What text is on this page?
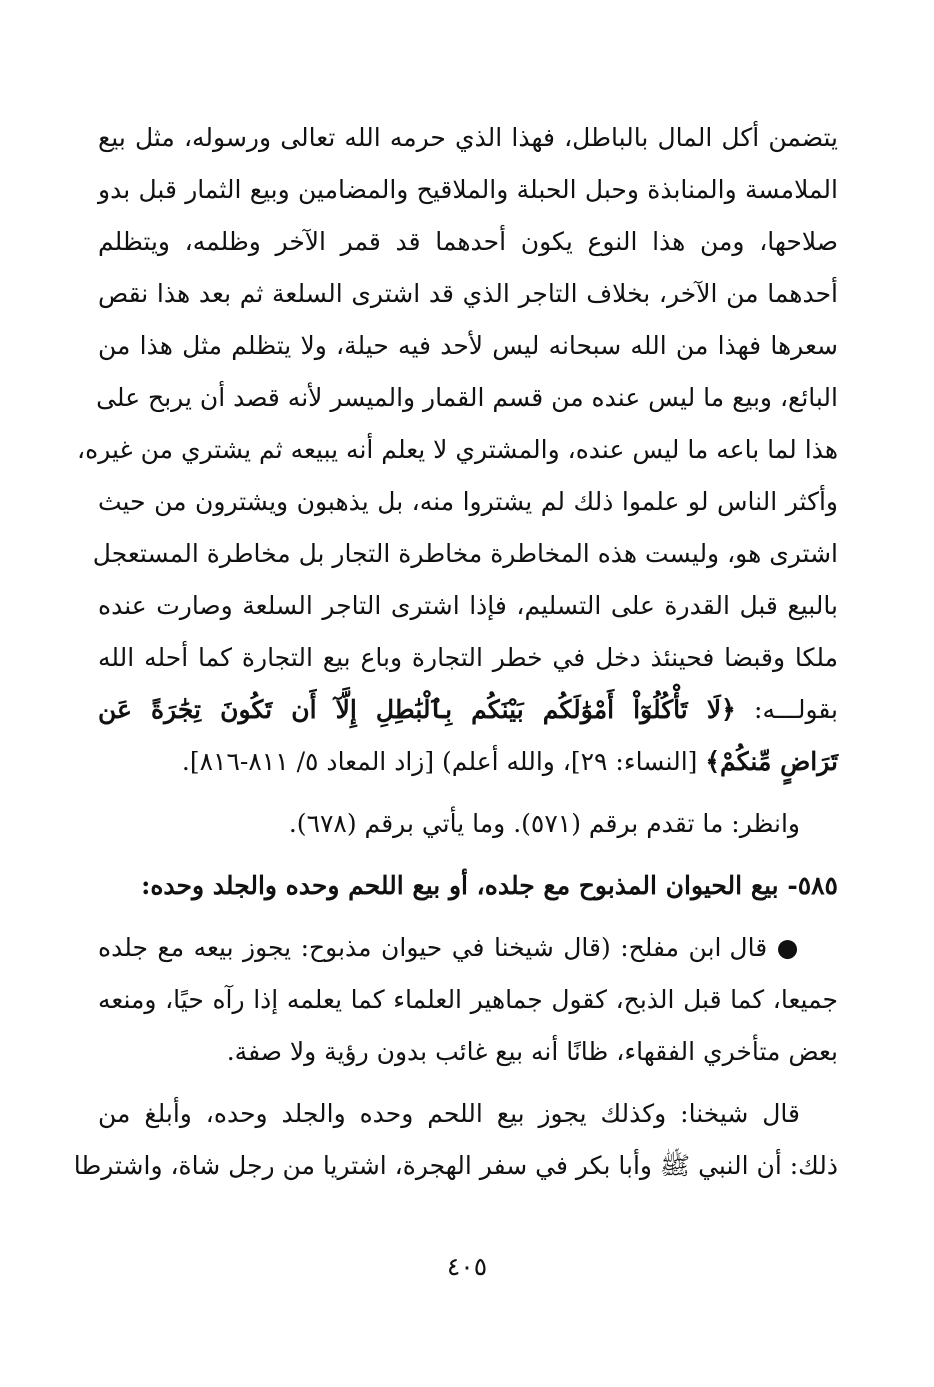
يتضمن أكل المال بالباطل، فهذا الذي حرمه الله تعالى ورسوله، مثل بيع
الملامسة والمنابذة وحبل الحبلة والملاقيح والمضامين وبيع الثمار قبل بدو
صلاحها، ومن هذا النوع يكون أحدهما قد قمر الآخر وظلمه، ويتظلم
أحدهما من الآخر، بخلاف التاجر الذي قد اشترى السلعة ثم بعد هذا نقص
سعرها فهذا من الله سبحانه ليس لأحد فيه حيلة، ولا يتظلم مثل هذا من
البائع، وبيع ما ليس عنده من قسم القمار والميسر لأنه قصد أن يربح على
هذا لما باعه ما ليس عنده، والمشتري لا يعلم أنه يبيعه ثم يشتري من غيره،
وأكثر الناس لو علموا ذلك لم يشتروا منه، بل يذهبون ويشترون من حيث
اشترى هو، وليست هذه المخاطرة مخاطرة التجار بل مخاطرة المستعجل
بالبيع قبل القدرة على التسليم، فإذا اشترى التاجر السلعة وصارت عنده
ملكا وقبضا فحينئذ دخل في خطر التجارة وباع بيع التجارة كما أحله الله
بقولـــه: ﴿لَا تَأْكُلُوٓاْ أَمْوَٰلَكُم بَيْنَكُم بِٱلْبَٰطِلِ إِلَّآ أَن تَكُونَ تِجَٰرَةً عَن
تَرَاضٍ مِّنكُمْ﴾ [النساء: ٢٩]، والله أعلم) [زاد المعاد ٥/ ٨١١-٨١٦].
وانظر: ما تقدم برقم (٥٧١). وما يأتي برقم (٦٧٨).
٥٨٥- بيع الحيوان المذبوح مع جلده، أو بيع اللحم وحده والجلد وحده:
● قال ابن مفلح: (قال شيخنا في حيوان مذبوح: يجوز بيعه مع جلده
جميعا، كما قبل الذبح، كقول جماهير العلماء كما يعلمه إذا رآه حيًا، ومنعه
بعض متأخري الفقهاء، ظانًا أنه بيع غائب بدون رؤية ولا صفة.
قال شيخنا: وكذلك يجوز بيع اللحم وحده والجلد وحده، وأبلغ من
ذلك: أن النبي ﷺ وأبا بكر في سفر الهجرة، اشتريا من رجل شاة، واشترطا
٤٠٥
